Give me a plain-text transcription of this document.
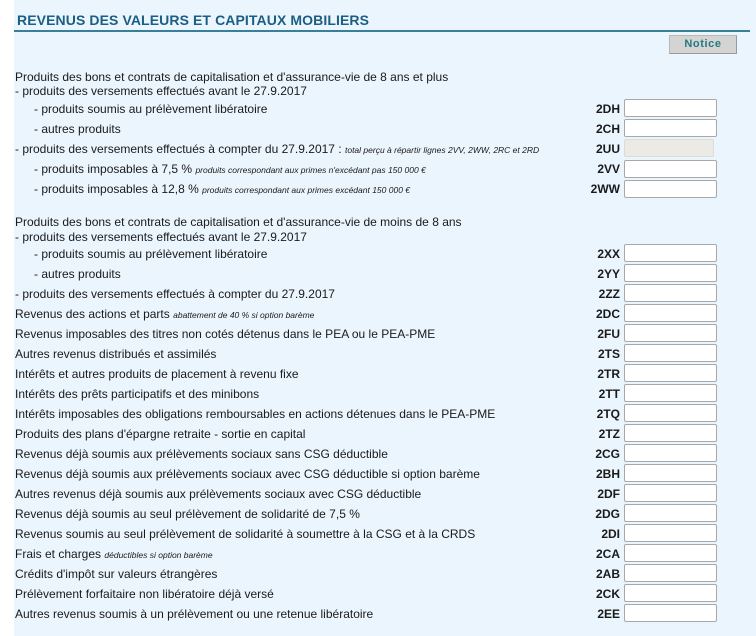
REVENUS DES VALEURS ET CAPITAUX MOBILIERS
Notice
Produits des bons et contrats de capitalisation et d'assurance-vie de 8 ans et plus
- produits des versements effectués avant le 27.9.2017
- produits soumis au prélèvement libératoire	2DH
- autres produits	2CH
- produits des versements effectués à compter du 27.9.2017 : total perçu à répartir lignes 2VV, 2WW, 2RC et 2RD	2UU
- produits imposables à 7,5 % produits correspondant aux primes n'excédant pas 150 000 €	2VV
- produits imposables à 12,8 % produits correspondant aux primes excédant 150 000 €	2WW
Produits des bons et contrats de capitalisation et d'assurance-vie de moins de 8 ans
- produits des versements effectués avant le 27.9.2017
- produits soumis au prélèvement libératoire	2XX
- autres produits	2YY
- produits des versements effectués à compter du 27.9.2017	2ZZ
Revenus des actions et parts abattement de 40 % si option barème	2DC
Revenus imposables des titres non cotés détenus dans le PEA ou le PEA-PME	2FU
Autres revenus distribués et assimilés	2TS
Intérêts et autres produits de placement à revenu fixe	2TR
Intérêts des prêts participatifs et des minibons	2TT
Intérêts imposables des obligations remboursables en actions détenues dans le PEA-PME	2TQ
Produits des plans d'épargne retraite - sortie en capital	2TZ
Revenus déjà soumis aux prélèvements sociaux sans CSG déductible	2CG
Revenus déjà soumis aux prélèvements sociaux avec CSG déductible si option barème	2BH
Autres revenus déjà soumis aux prélèvements sociaux avec CSG déductible	2DF
Revenus déjà soumis au seul prélèvement de solidarité de 7,5 %	2DG
Revenus soumis au seul prélèvement de solidarité à soumettre à la CSG et à la CRDS	2DI
Frais et charges déductibles si option barème	2CA
Crédits d'impôt sur valeurs étrangères	2AB
Prélèvement forfaitaire non libératoire déjà versé	2CK
Autres revenus soumis à un prélèvement ou une retenue libératoire	2EE
